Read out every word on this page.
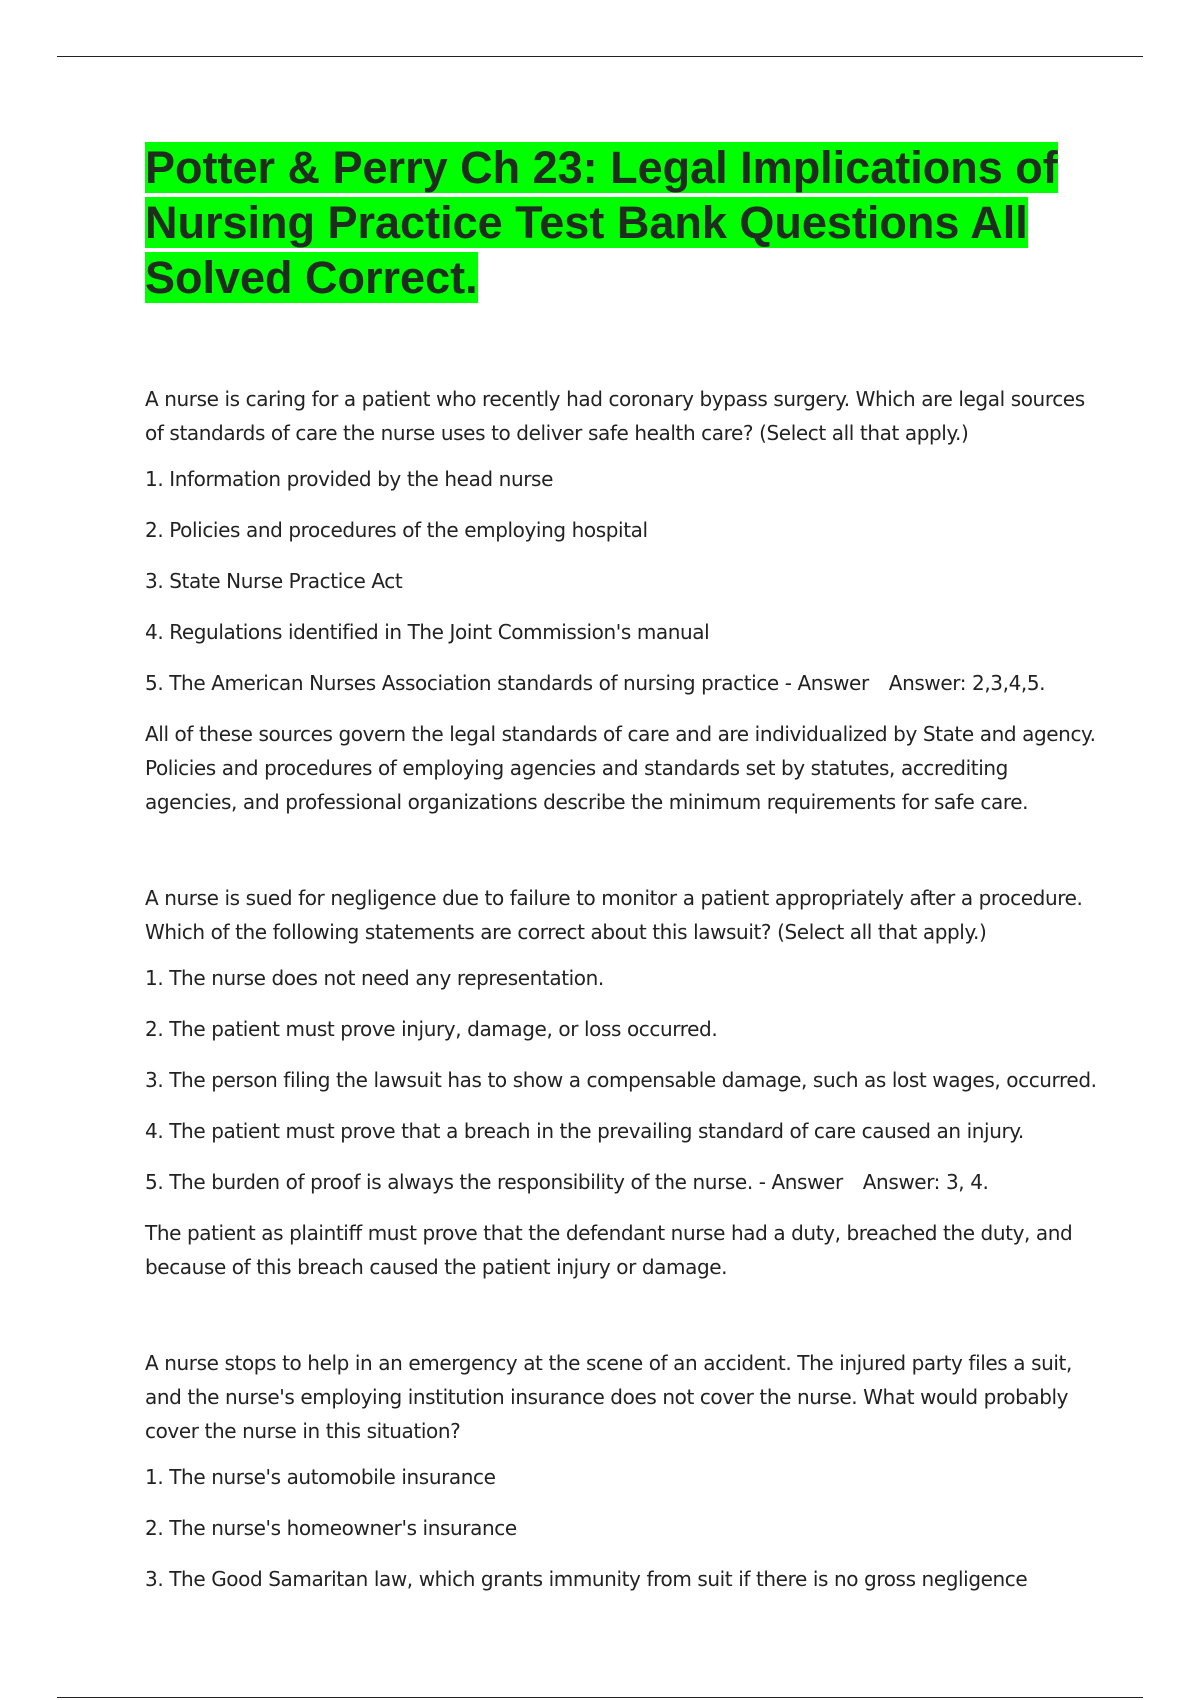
Potter & Perry Ch 23: Legal Implications of Nursing Practice Test Bank Questions All Solved Correct.

A nurse is caring for a patient who recently had coronary bypass surgery. Which are legal sources of standards of care the nurse uses to deliver safe health care? (Select all that apply.)

1. Information provided by the head nurse

2. Policies and procedures of the employing hospital

3. State Nurse Practice Act

4. Regulations identified in The Joint Commission's manual

5. The American Nurses Association standards of nursing practice - Answer Answer: 2,3,4,5.

All of these sources govern the legal standards of care and are individualized by State and agency. Policies and procedures of employing agencies and standards set by statutes, accrediting agencies, and professional organizations describe the minimum requirements for safe care.

A nurse is sued for negligence due to failure to monitor a patient appropriately after a procedure. Which of the following statements are correct about this lawsuit? (Select all that apply.)

1. The nurse does not need any representation.

2. The patient must prove injury, damage, or loss occurred.

3. The person filing the lawsuit has to show a compensable damage, such as lost wages, occurred.

4. The patient must prove that a breach in the prevailing standard of care caused an injury.

5. The burden of proof is always the responsibility of the nurse. - Answer Answer: 3, 4.

The patient as plaintiff must prove that the defendant nurse had a duty, breached the duty, and because of this breach caused the patient injury or damage.

A nurse stops to help in an emergency at the scene of an accident. The injured party files a suit, and the nurse's employing institution insurance does not cover the nurse. What would probably cover the nurse in this situation?

1. The nurse's automobile insurance

2. The nurse's homeowner's insurance

3. The Good Samaritan law, which grants immunity from suit if there is no gross negligence
